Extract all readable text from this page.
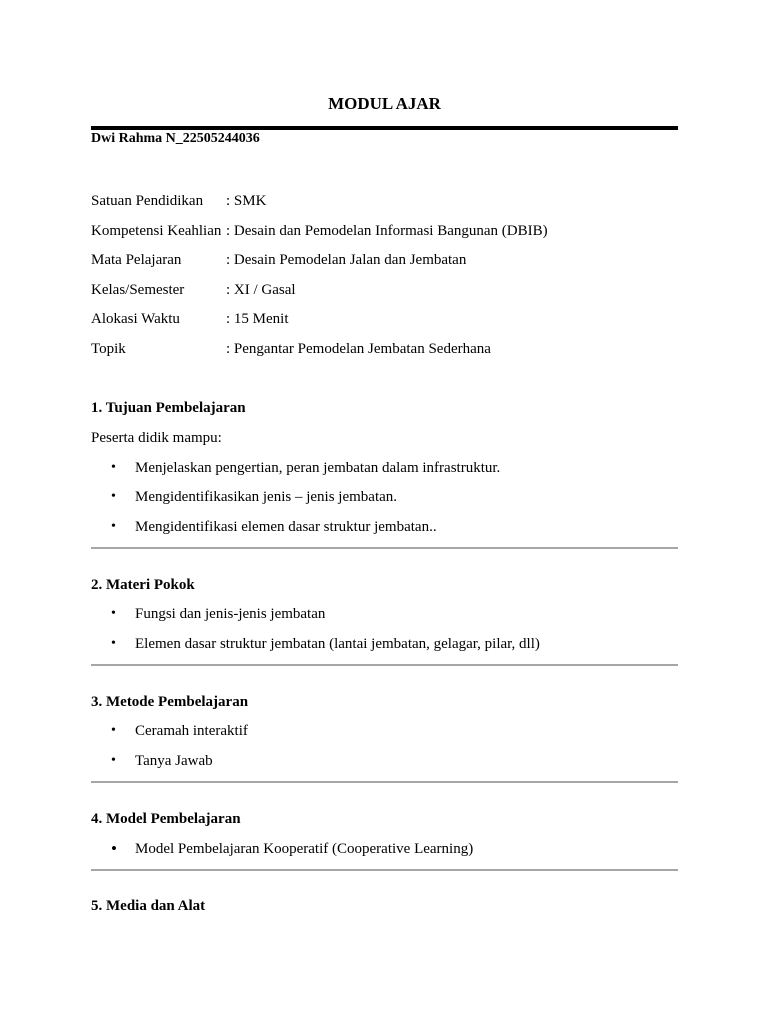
MODUL AJAR
Dwi Rahma N_22505244036
Satuan Pendidikan : SMK
Kompetensi Keahlian : Desain dan Pemodelan Informasi Bangunan (DBIB)
Mata Pelajaran	: Desain Pemodelan Jalan dan Jembatan
Kelas/Semester	: XI / Gasal
Alokasi Waktu	: 15 Menit
Topik	: Pengantar Pemodelan Jembatan Sederhana
1. Tujuan Pembelajaran
Peserta didik mampu:
• Menjelaskan pengertian, peran jembatan dalam infrastruktur.
• Mengidentifikasikan jenis – jenis jembatan.
• Mengidentifikasi elemen dasar struktur jembatan..
2. Materi Pokok
• Fungsi dan jenis-jenis jembatan
• Elemen dasar struktur jembatan (lantai jembatan, gelagar, pilar, dll)
3. Metode Pembelajaran
• Ceramah interaktif
• Tanya Jawab
4. Model Pembelajaran
• Model Pembelajaran Kooperatif (Cooperative Learning)
5. Media dan Alat
